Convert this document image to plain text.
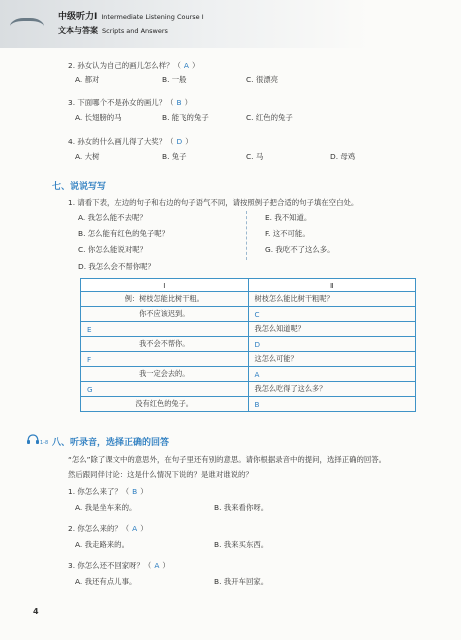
中级听力Ⅰ Intermediate Listening Course Ⅰ
文本与答案 Scripts and Answers
2. 孙女认为自己的画儿怎么样？（ A ）
A. 都对	B. 一般	C. 很漂亮
3. 下面哪个不是孙女的画儿？（ B ）
A. 长翅膀的马	B. 能飞的兔子	C. 红色的兔子
4. 孙女的什么画儿得了大奖？（ D ）
A. 大树	B. 兔子	C. 马	D. 母鸡
七、说说写写
1. 请看下表，左边的句子和右边的句子语气不同，请按照例子把合适的句子填在空白处。
A. 我怎么能不去呢？
B. 怎么能有红色的兔子呢？
C. 你怎么能说对呢？
D. 我怎么会不帮你呢？
E. 我不知道。
F. 这不可能。
G. 我吃不了这么多。
Ⅰ	Ⅱ
例：树枝怎能比树干粗。	树枝怎么能比树干粗呢？
你不应该迟到。	C
E	我怎么知道呢？
我不会不帮你。	D
F	这怎么可能？
我一定会去的。	A
G	我怎么吃得了这么多？
没有红色的兔子。	B
1-8 八、听录音，选择正确的回答
“怎么”除了课文中的意思外，在句子里还有别的意思。请你根据录音中的提问，选择正确的回答。
然后跟同伴讨论：这是什么情况下说的？是谁对谁说的？
1. 你怎么来了？（ B ）
A. 我是坐车来的。	B. 我来看你呀。
2. 你怎么来的？（ A ）
A. 我走路来的。	B. 我来买东西。
3. 你怎么还不回家呀？（ A ）
A. 我还有点儿事。	B. 我开车回家。
4
